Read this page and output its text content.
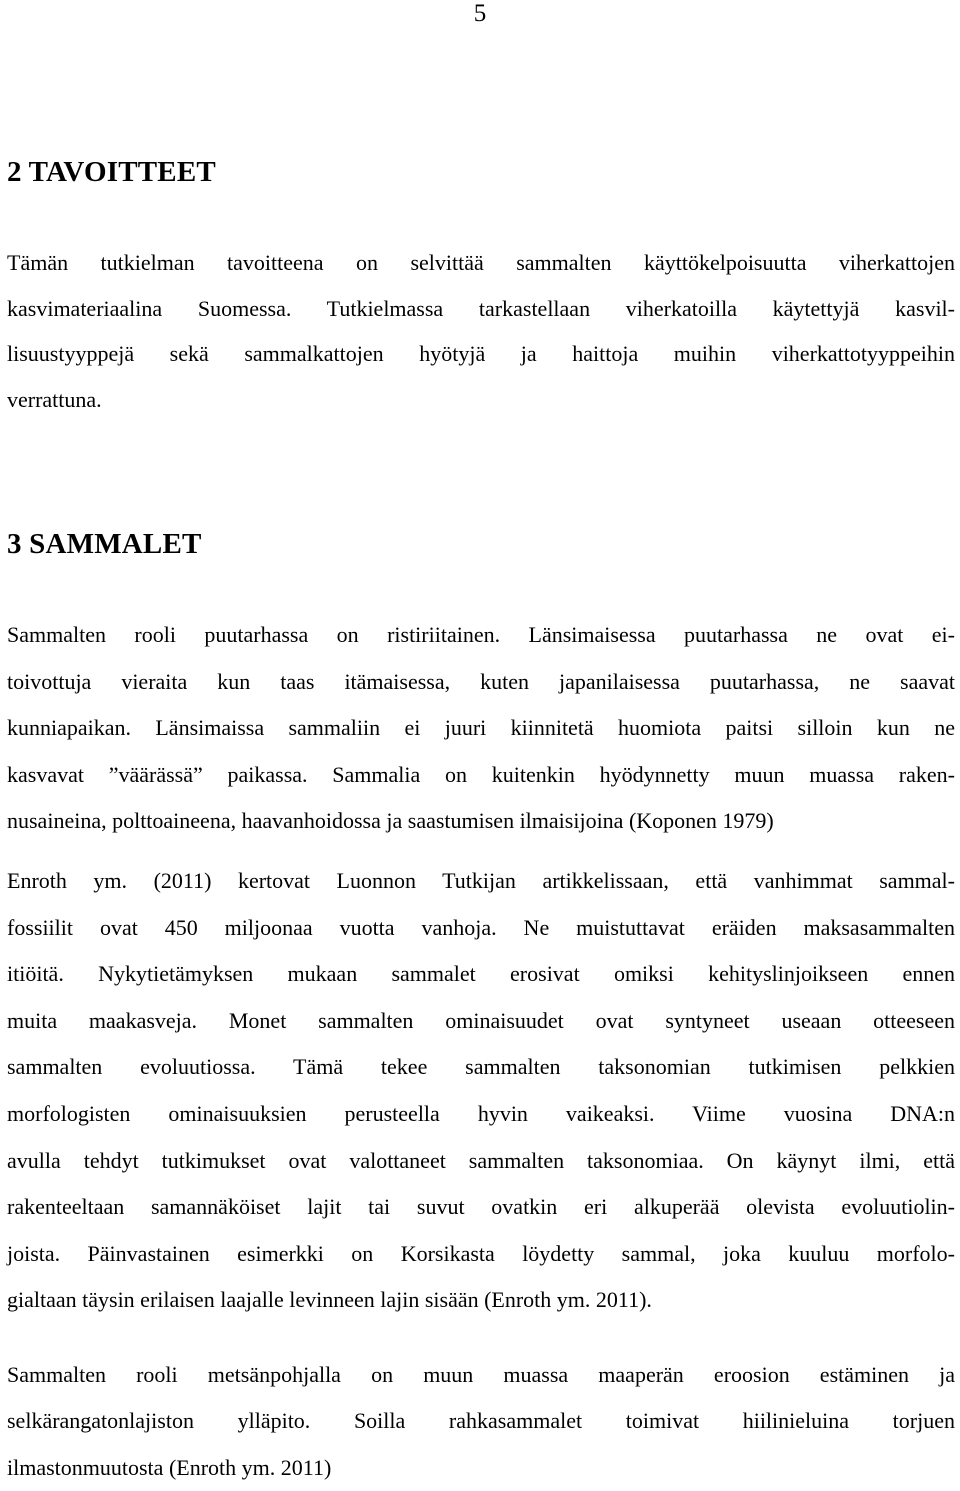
5
2 TAVOITTEET

Tämän tutkielman tavoitteena on selvittää sammalten käyttökelpoisuutta viherkattojen
kasvimateriaalina Suomessa. Tutkielmassa tarkastellaan viherkatoilla käytettyjä kasvil-
lisuustyyppejä sekä sammalkattojen hyötyjä ja haittoja muihin viherkattotyyppeihin
verrattuna.

3 SAMMALET

Sammalten rooli puutarhassa on ristiriitainen. Länsimaisessa puutarhassa ne ovat ei-
toivottuja vieraita kun taas itämaisessa, kuten japanilaisessa puutarhassa, ne saavat
kunniapaikan. Länsimaissa sammaliin ei juuri kiinnitetä huomiota paitsi silloin kun ne
kasvavat ”väärässä” paikassa. Sammalia on kuitenkin hyödynnetty muun muassa raken-
nusaineina, polttoaineena, haavanhoidossa ja saastumisen ilmaisijoina (Koponen 1979)
Enroth ym. (2011) kertovat Luonnon Tutkijan artikkelissaan, että vanhimmat sammal-
fossiilit ovat 450 miljoonaa vuotta vanhoja. Ne muistuttavat eräiden maksasammalten
itiöitä. Nykytietämyksen mukaan sammalet erosivat omiksi kehityslinjoikseen ennen
muita maakasveja. Monet sammalten ominaisuudet ovat syntyneet useaan otteeseen
sammalten evoluutiossa. Tämä tekee sammalten taksonomian tutkimisen pelkkien
morfologisten ominaisuuksien perusteella hyvin vaikeaksi. Viime vuosina DNA:n
avulla tehdyt tutkimukset ovat valottaneet sammalten taksonomiaa. On käynyt ilmi, että
rakenteeltaan samannäköiset lajit tai suvut ovatkin eri alkuperää olevista evoluutiolin-
joista. Päinvastainen esimerkki on Korsikasta löydetty sammal, joka kuuluu morfolo-
gialtaan täysin erilaisen laajalle levinneen lajin sisään (Enroth ym. 2011).

Sammalten rooli metsänpohjalla on muun muassa maaperän eroosion estäminen ja
selkärangatonlajiston ylläpito. Soilla rahkasammalet toimivat hiilinieluina torjuen
ilmastonmuutosta (Enroth ym. 2011)
